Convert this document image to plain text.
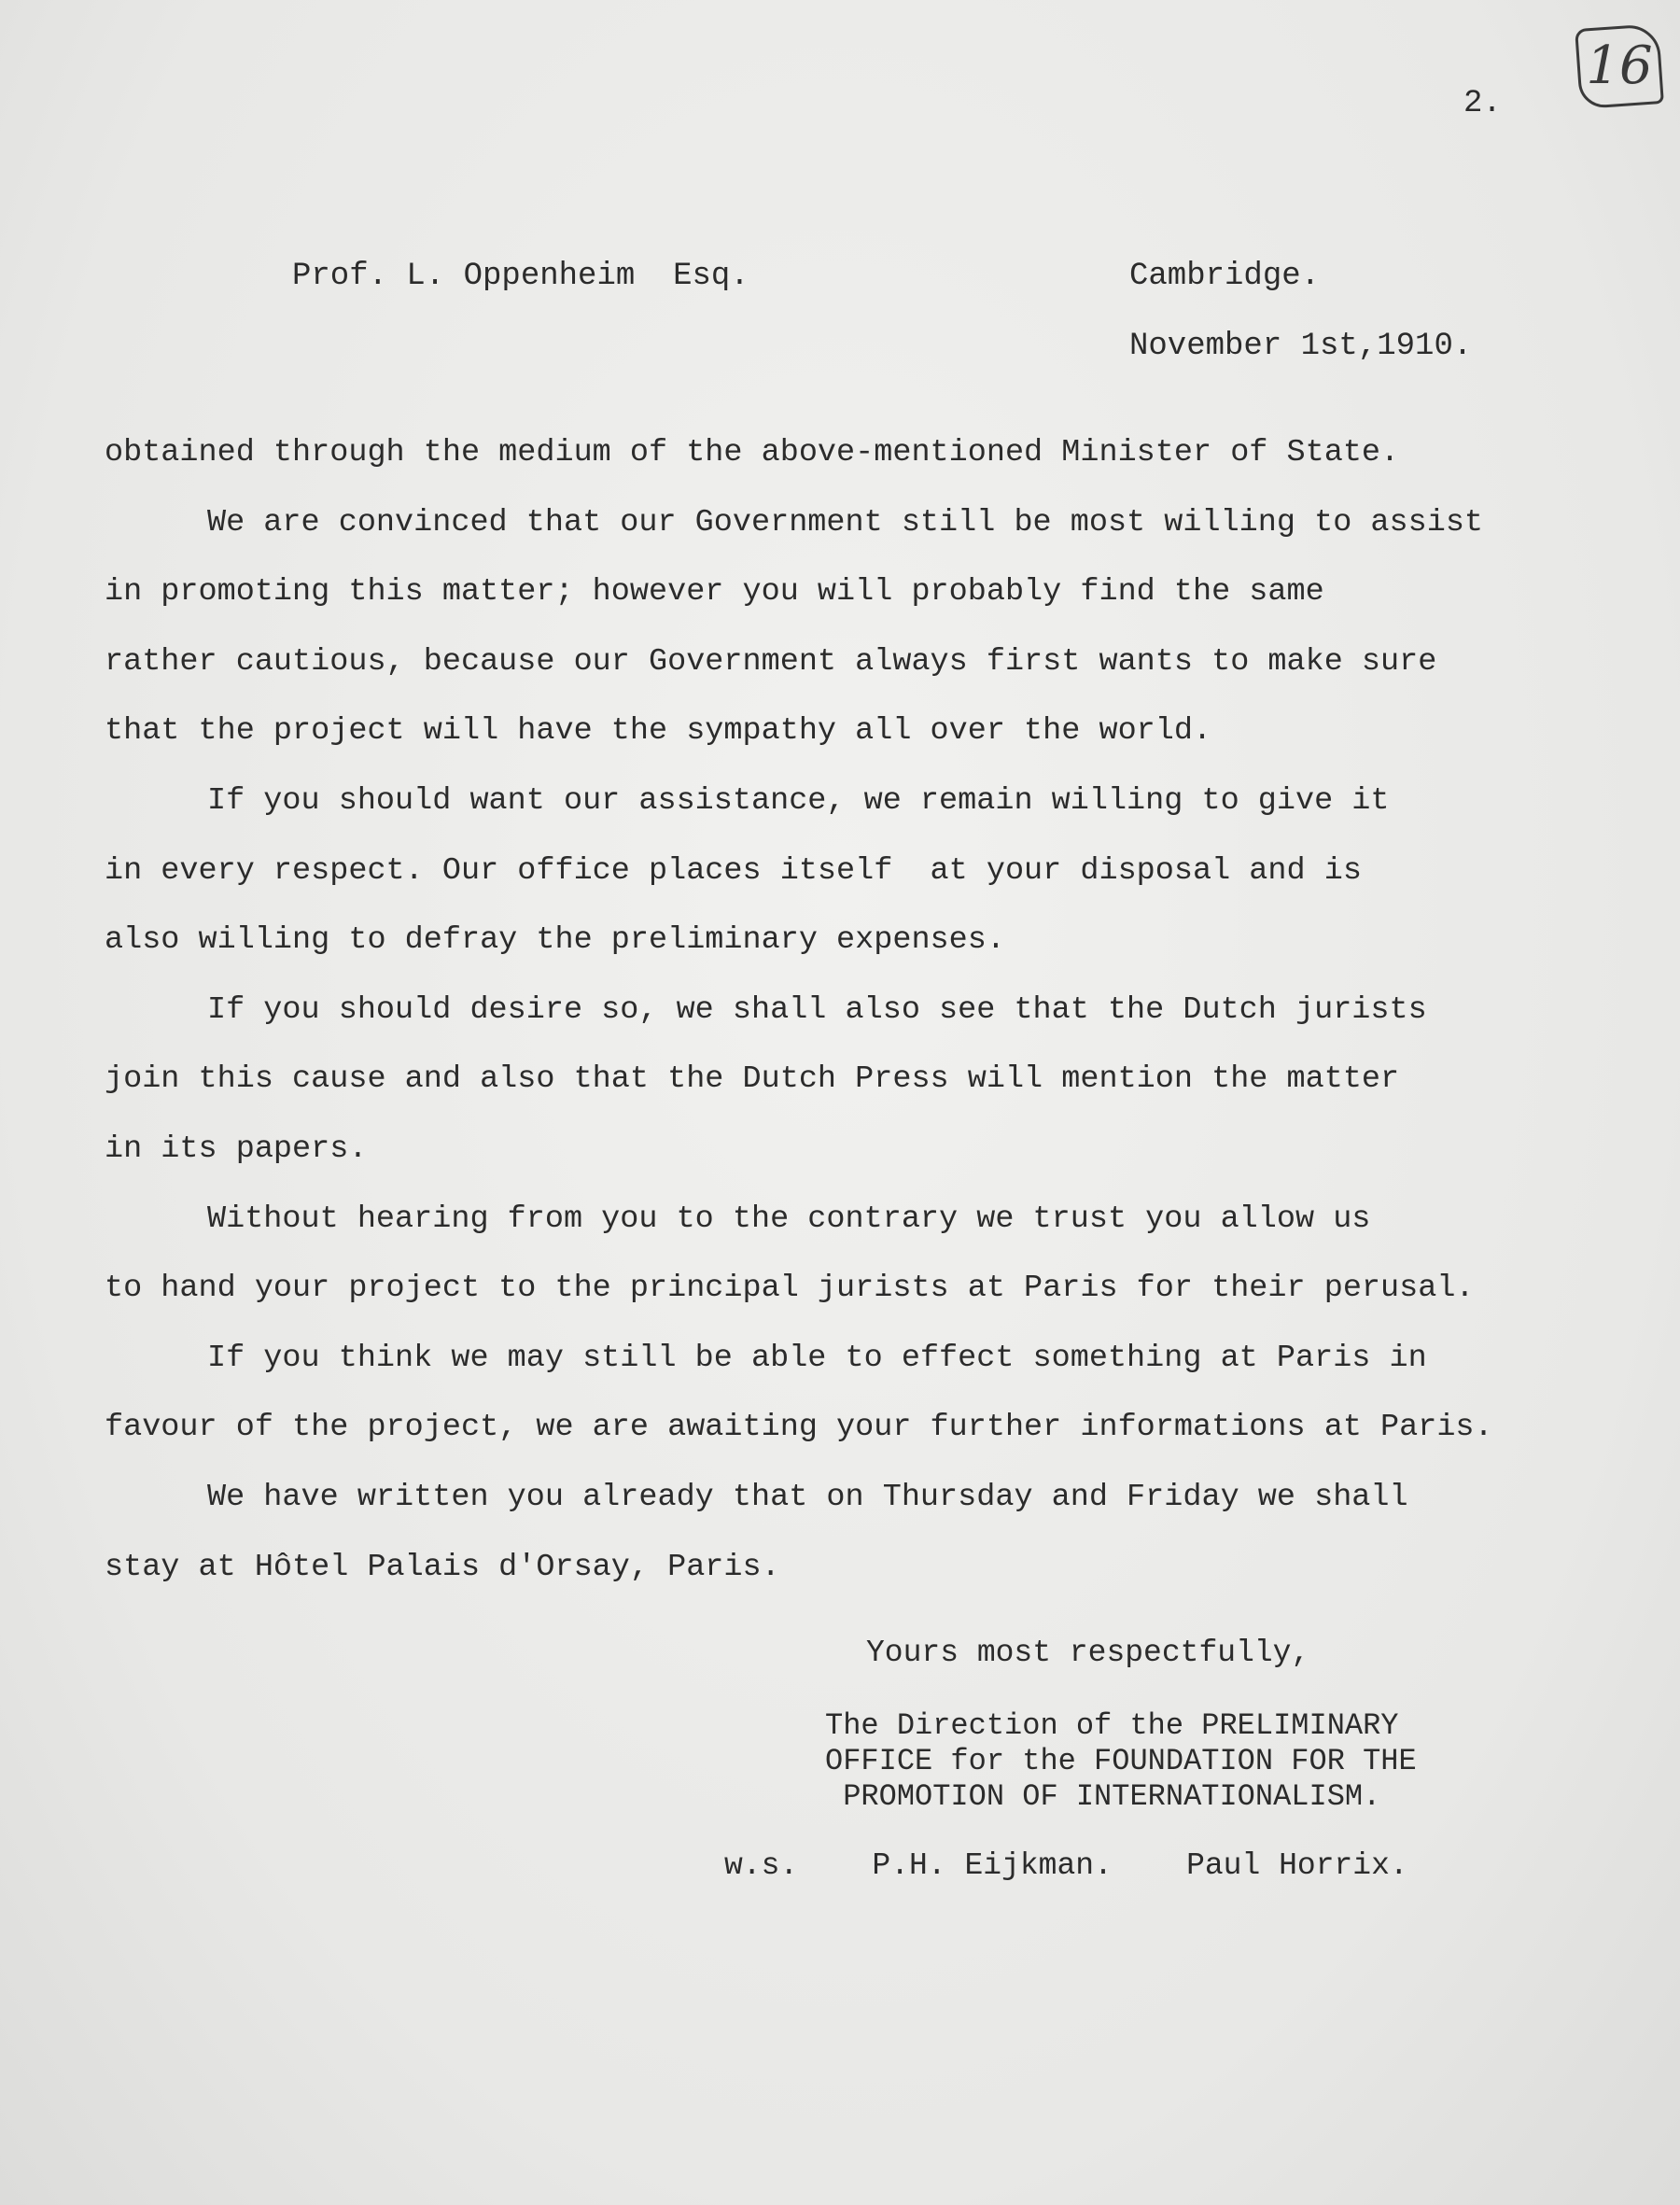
16
2.
Prof. L. Oppenheim  Esq.	Cambridge.
November 1st,1910.
obtained through the medium of the above-mentioned Minister of State.
We are convinced that our Government still be most willing to assist
in promoting this matter; however you will probably find the same
rather cautious, because our Government always first wants to make sure
that the project will have the sympathy all over the world.
If you should want our assistance, we remain willing to give it
in every respect. Our office places itself  at your disposal and is
also willing to defray the preliminary expenses.
If you should desire so, we shall also see that the Dutch jurists
join this cause and also that the Dutch Press will mention the matter
in its papers.
Without hearing from you to the contrary we trust you allow us
to hand your project to the principal jurists at Paris for their perusal.
If you think we may still be able to effect something at Paris in
favour of the project, we are awaiting your further informations at Paris.
We have written you already that on Thursday and Friday we shall
stay at Hôtel Palais d'Orsay, Paris.
Yours most respectfully,
The Direction of the PRELIMINARY
OFFICE for the FOUNDATION FOR THE
PROMOTION OF INTERNATIONALISM.
w.s.    P.H. Eijkman.    Paul Horrix.
